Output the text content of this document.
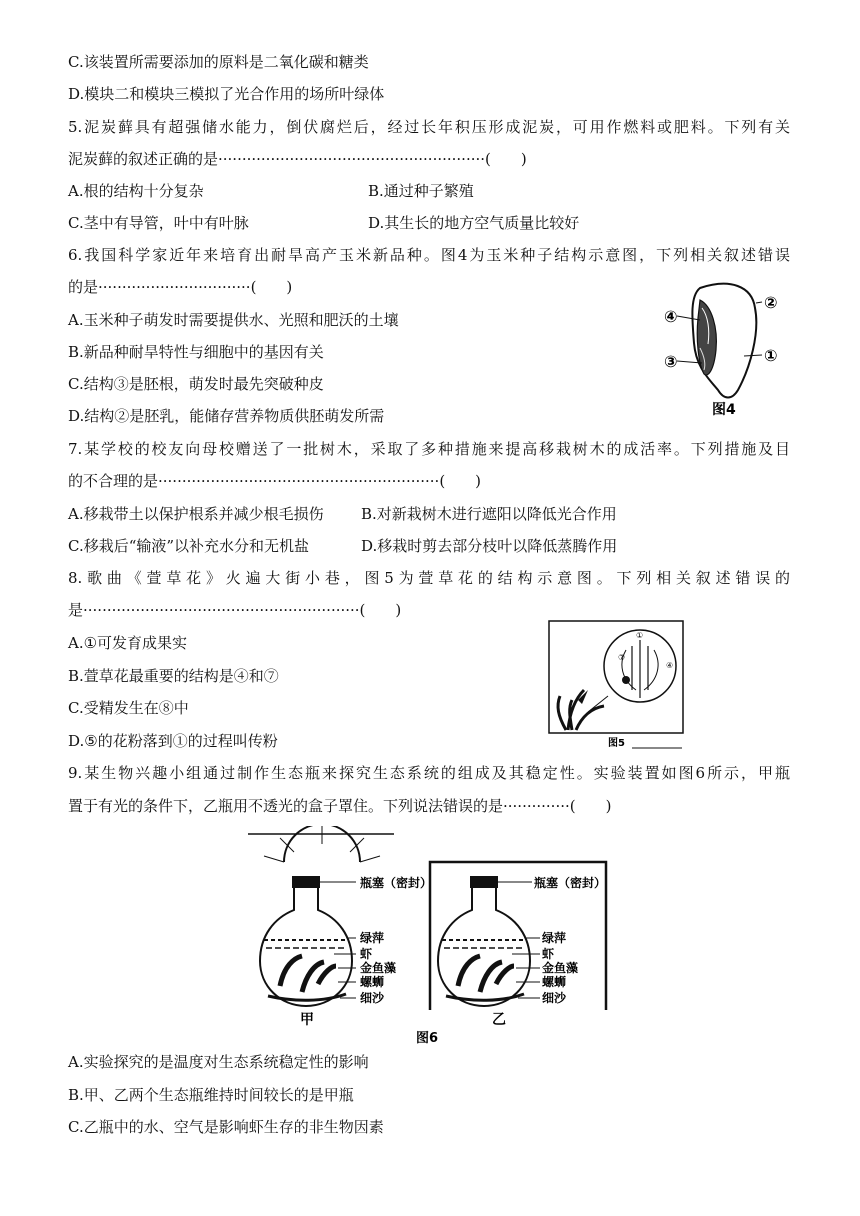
C.该装置所需要添加的原料是二氧化碳和糖类
D.模块二和模块三模拟了光合作用的场所叶绿体
5.泥炭藓具有超强储水能力，倒伏腐烂后，经过长年积压形成泥炭，可用作燃料或肥料。下列有关
泥炭藓的叙述正确的是························································(　　)
A.根的结构十分复杂	B.通过种子繁殖
C.茎中有导管，叶中有叶脉	D.其生长的地方空气质量比较好
6.我国科学家近年来培育出耐旱高产玉米新品种。图4为玉米种子结构示意图，下列相关叙述错误
的是································(　　)
A.玉米种子萌发时需要提供水、光照和肥沃的土壤
B.新品种耐旱特性与细胞中的基因有关
C.结构③是胚根，萌发时最先突破种皮
D.结构②是胚乳，能储存营养物质供胚萌发所需
④
③
②
①
图4
7.某学校的校友向母校赠送了一批树木，采取了多种措施来提高移栽树木的成活率。下列措施及目
的不合理的是···························································(　　)
A.移栽带土以保护根系并减少根毛损伤 B.对新栽树木进行遮阳以降低光合作用
C.移栽后“输液”以补充水分和无机盐	D.移栽时剪去部分枝叶以降低蒸腾作用
8.歌曲《萱草花》火遍大街小巷，图5为萱草花的结构示意图。下列相关叙述错误的
是··························································(　　)
A.①可发育成果实
B.萱草花最重要的结构是④和⑦
C.受精发生在⑧中
D.⑤的花粉落到①的过程叫传粉
⑦
④
①
图5
9.某生物兴趣小组通过制作生态瓶来探究生态系统的组成及其稳定性。实验装置如图6所示，甲瓶
置于有光的条件下，乙瓶用不透光的盒子罩住。下列说法错误的是··············(　　)
瓶塞（密封）
绿萍
虾
金鱼藻
螺蛳
细沙
甲
瓶塞（密封）
绿萍
虾
金鱼藻
螺蛳
细沙
乙
图6
A.实验探究的是温度对生态系统稳定性的影响
B.甲、乙两个生态瓶维持时间较长的是甲瓶
C.乙瓶中的水、空气是影响虾生存的非生物因素
